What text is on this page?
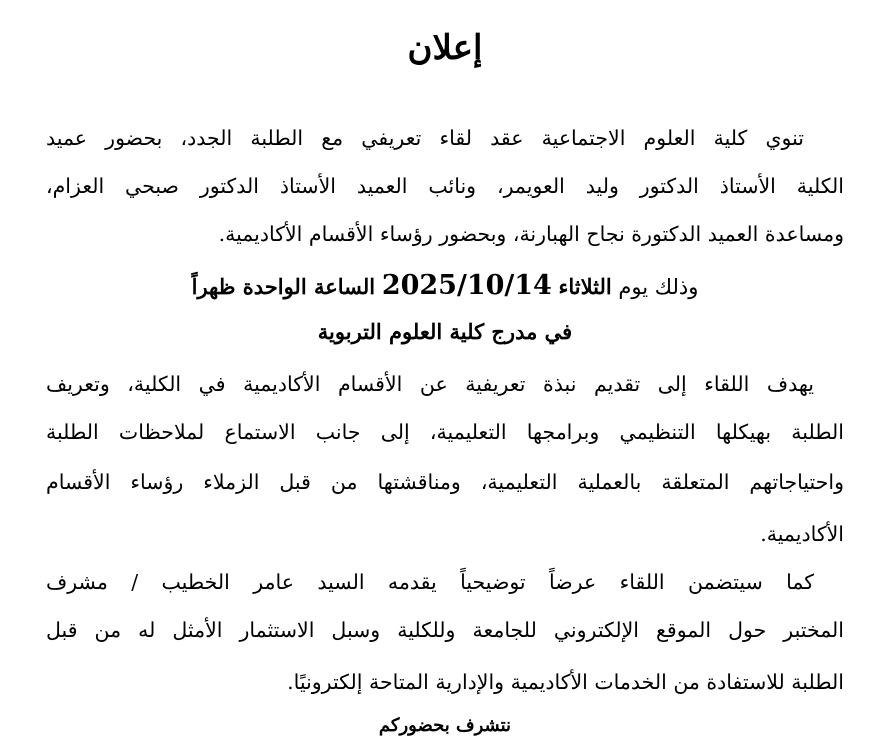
إعلان
تنوي كلية العلوم الاجتماعية عقد لقاء تعريفي مع الطلبة الجدد، بحضور عميد
الكلية الأستاذ الدكتور وليد العويمر، ونائب العميد الأستاذ الدكتور صبحي العزام،
ومساعدة العميد الدكتورة نجاح الهبارنة، وبحضور رؤساء الأقسام الأكاديمية.
وذلك يوم الثلاثاء 2025/10/14 الساعة الواحدة ظهراً
في مدرج كلية العلوم التربوية
يهدف اللقاء إلى تقديم نبذة تعريفية عن الأقسام الأكاديمية في الكلية، وتعريف
الطلبة بهيكلها التنظيمي وبرامجها التعليمية، إلى جانب الاستماع لملاحظات الطلبة
واحتياجاتهم المتعلقة بالعملية التعليمية، ومناقشتها من قبل الزملاء رؤساء الأقسام
الأكاديمية.
كما سيتضمن اللقاء عرضاً توضيحياً يقدمه السيد عامر الخطيب / مشرف
المختبر حول الموقع الإلكتروني للجامعة وللكلية وسبل الاستثمار الأمثل له من قبل
الطلبة للاستفادة من الخدمات الأكاديمية والإدارية المتاحة إلكترونيًا.
نتشرف بحضوركم
